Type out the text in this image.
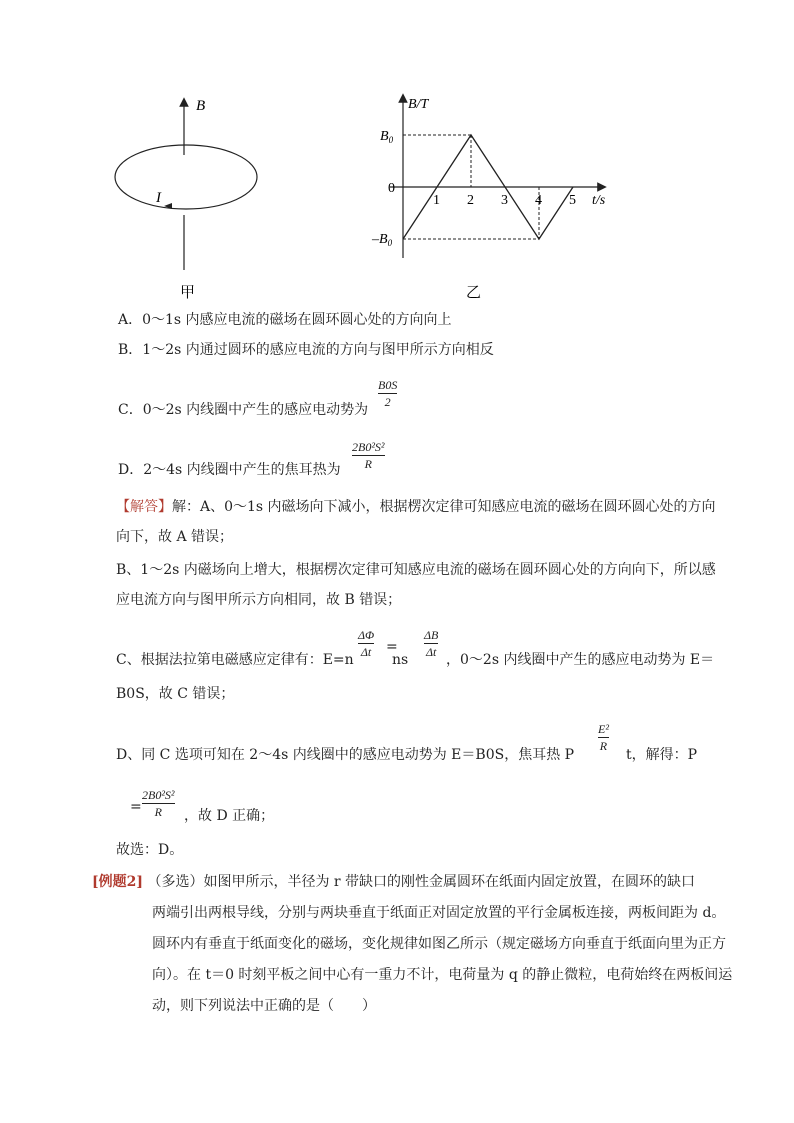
B
I
甲
B/T
$B_0$
0
$-B_0$
1 2 3 4 5 t/s
乙
A．0～1s 内感应电流的磁场在圆环圆心处的方向向上
B．1～2s 内通过圆环的感应电流的方向与图甲所示方向相反
C．0～2s 内线圈中产生的感应电动势为
B0S
2
D．2～4s 内线圈中产生的焦耳热为
2B0²S²
R
【解答】解：A、0～1s 内磁场向下减小，根据楞次定律可知感应电流的磁场在圆环圆心处的方向
向下，故 A 错误；
B、1～2s 内磁场向上增大，根据楞次定律可知感应电流的磁场在圆环圆心处的方向向下，所以感
应电流方向与图甲所示方向相同，故 B 错误；
C、根据法拉第电磁感应定律有：E=n
ΔΦ
Δt =
ns
ΔB
Δt ，0～2s 内线圈中产生的感应电动势为 E＝
B0S，故 C 错误；
D、同 C 选项可知在 2～4s 内线圈中的感应电动势为 E＝B0S，焦耳热 P
E²
R
t，解得：P
=
2B0²S²
R ，故 D 正确；
故选：D。
[例题2] （多选）如图甲所示，半径为 r 带缺口的刚性金属圆环在纸面内固定放置，在圆环的缺口
两端引出两根导线，分别与两块垂直于纸面正对固定放置的平行金属板连接，两板间距为 d。
圆环内有垂直于纸面变化的磁场，变化规律如图乙所示（规定磁场方向垂直于纸面向里为正方
向）。在 t＝0 时刻平板之间中心有一重力不计，电荷量为 q 的静止微粒，电荷始终在两板间运
动，则下列说法中正确的是（　　）
